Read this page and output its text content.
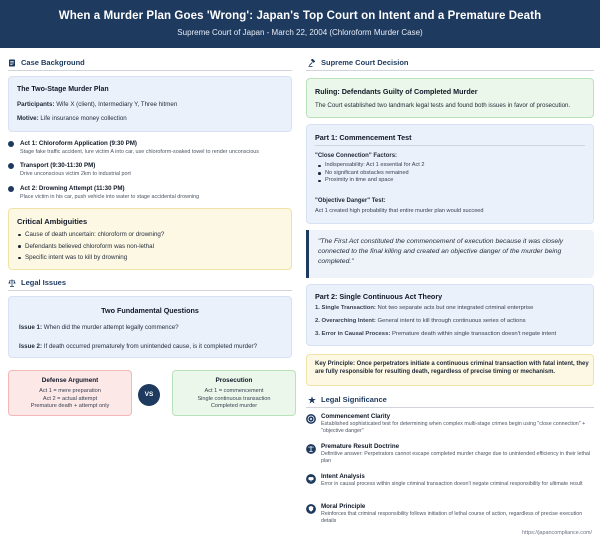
When a Murder Plan Goes 'Wrong': Japan's Top Court on Intent and a Premature Death
Supreme Court of Japan - March 22, 2004 (Chloroform Murder Case)
Case Background
The Two-Stage Murder Plan
Participants: Wife X (client), Intermediary Y, Three hitmen
Motive: Life insurance money collection
Act 1: Chloroform Application (9:30 PM)
Stage fake traffic accident, lure victim A into car, use chloroform-soaked towel to render unconscious
Transport (9:30-11:30 PM)
Drive unconscious victim 2km to industrial port
Act 2: Drowning Attempt (11:30 PM)
Place victim in his car, push vehicle into water to stage accidental drowning
Critical Ambiguities
Cause of death uncertain: chloroform or drowning?
Defendants believed chloroform was non-lethal
Specific intent was to kill by drowning
Legal Issues
Two Fundamental Questions
Issue 1: When did the murder attempt legally commence?
Issue 2: If death occurred prematurely from unintended cause, is it completed murder?
Defense Argument
Act 1 = mere preparation
Act 2 = actual attempt
Premature death + attempt only
VS
Prosecution
Act 1 = commencement
Single continuous transaction
Completed murder
Supreme Court Decision
Ruling: Defendants Guilty of Completed Murder
The Court established two landmark legal tests and found both issues in favor of prosecution.
Part 1: Commencement Test
"Close Connection" Factors:
Indispensability: Act 1 essential for Act 2
No significant obstacles remained
Proximity in time and space
"Objective Danger" Test:
Act 1 created high probability that entire murder plan would succeed
"The First Act constituted the commencement of execution because it was closely connected to the final killing and created an objective danger of the murder being completed."
Part 2: Single Continuous Act Theory
1. Single Transaction: Not two separate acts but one integrated criminal enterprise
2. Overarching Intent: General intent to kill through continuous series of actions
3. Error in Causal Process: Premature death within single transaction doesn't negate intent
Key Principle: Once perpetrators initiate a continuous criminal transaction with fatal intent, they are fully responsible for resulting death, regardless of precise timing or mechanism.
Legal Significance
Commencement Clarity
Established sophisticated test for determining when complex multi-stage crimes begin using "close connection" + "objective danger"
Premature Result Doctrine
Definitive answer: Perpetrators cannot escape completed murder charge due to unintended efficiency in their lethal plan
Intent Analysis
Error in causal process within single criminal transaction doesn't negate criminal responsibility for ultimate result
Moral Principle
Reinforces that criminal responsibility follows initiation of lethal course of action, regardless of precise execution details
https://japancompliance.com/
